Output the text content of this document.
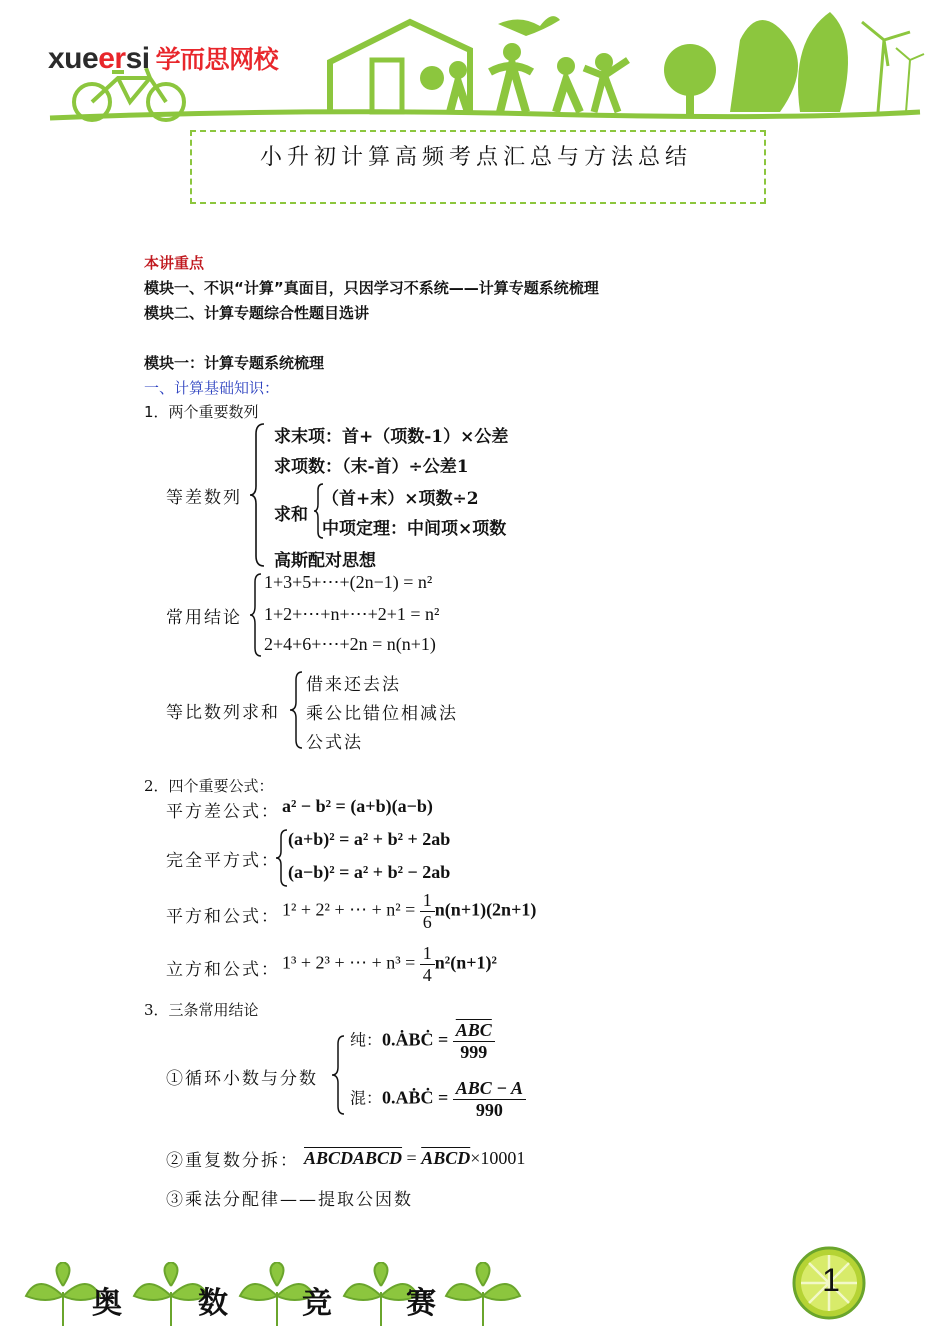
xueersi 学而思网校
小升初计算高频考点汇总与方法总结
本讲重点
模块一、不识“计算”真面目，只因学习不系统——计算专题系统梳理
模块二、计算专题综合性题目选讲
模块一：计算专题系统梳理
一、计算基础知识：
1．两个重要数列
等差数列
求末项：首+（项数-1）×公差
求项数：（末-首）÷公差1
求和
（首+末）×项数÷2
中项定理：中间项×项数
高斯配对思想
常用结论
1+3+5+⋯+(2n−1) = n²
1+2+⋯+n+⋯+2+1 = n²
2+4+6+⋯+2n = n(n+1)
等比数列求和
借来还去法
乘公比错位相减法
公式法
2．四个重要公式：
平方差公式： a² − b² = (a+b)(a−b)
完全平方式：
(a+b)² = a² + b² + 2ab
(a−b)² = a² + b² − 2ab
平方和公式： 1² + 2² + ⋯ + $n^2 = \frac{1}{6} n(n+1)(2n+1)$
立方和公式： 1³ + 2³ + ⋯ + $n^3 = \frac{1}{4} n^2(n+1)^2$
3．三条常用结论
①循环小数与分数
纯：0.ȦBĊ = $\frac{\overline{ABC}}{999}$
混：0.AḂĊ = $\frac{\text{ABC − A}}{990}$
②重复数分拆： ABCDABCD = ABCD×10001
③乘法分配律——提取公因数
奥	数 竞 赛
1
